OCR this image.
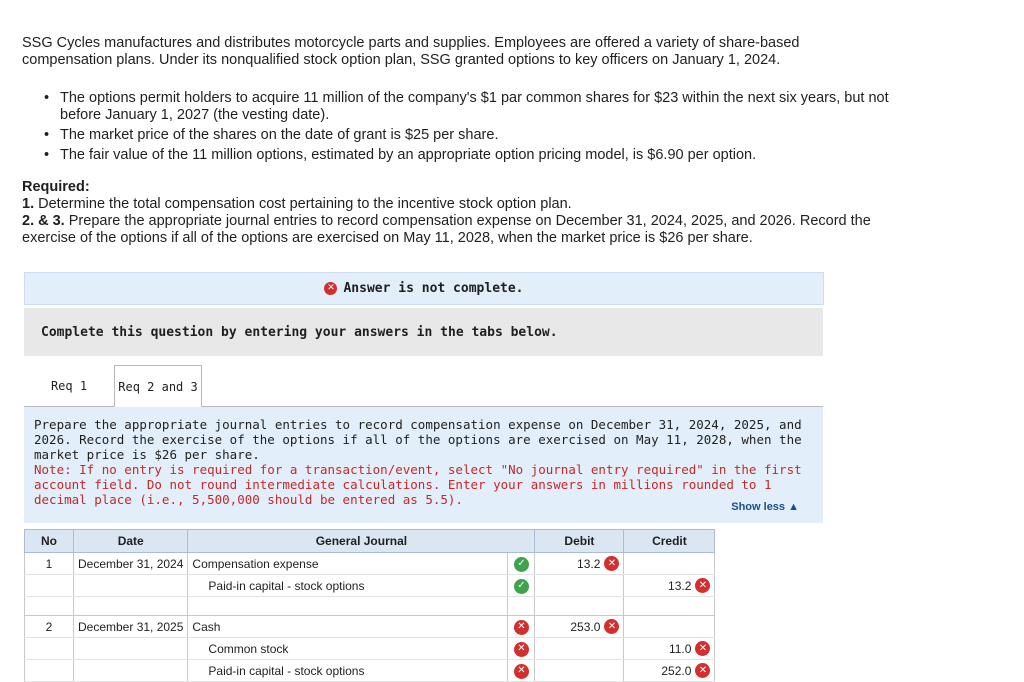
SSG Cycles manufactures and distributes motorcycle parts and supplies. Employees are offered a variety of share-based compensation plans. Under its nonqualified stock option plan, SSG granted options to key officers on January 1, 2024.

• The options permit holders to acquire 11 million of the company's $1 par common shares for $23 within the next six years, but not before January 1, 2027 (the vesting date).
• The market price of the shares on the date of grant is $25 per share.
• The fair value of the 11 million options, estimated by an appropriate option pricing model, is $6.90 per option.

Required:

1. Determine the total compensation cost pertaining to the incentive stock option plan.

2. & 3. Prepare the appropriate journal entries to record compensation expense on December 31, 2024, 2025, and 2026. Record the exercise of the options if all of the options are exercised on May 11, 2028, when the market price is $26 per share.

✕ Answer is not complete.
Complete this question by entering your answers in the tabs below.
Req 1	Req 2 and 3

Prepare the appropriate journal entries to record compensation expense on December 31, 2024, 2025, and 2026. Record the exercise of the options if all of the options are exercised on May 11, 2028, when the market price is $26 per share.

Note: If no entry is required for a transaction/event, select "No journal entry required" in the first account field. Do not round intermediate calculations. Enter your answers in millions rounded to 1 decimal place (i.e., 5,500,000 should be entered as 5.5).	Show less ▲
No	Date	General Journal		Debit	Credit
1	December 31, 2024	Compensation expense	✓	13.2 ✕	

		Paid-in capital - stock options	✓		13.2 ✕

2	December 31, 2025	Cash	✕	253.0 ✕	

		Common stock	✕		11.0 ✕

		Paid-in capital - stock options	✕		252.0 ✕
